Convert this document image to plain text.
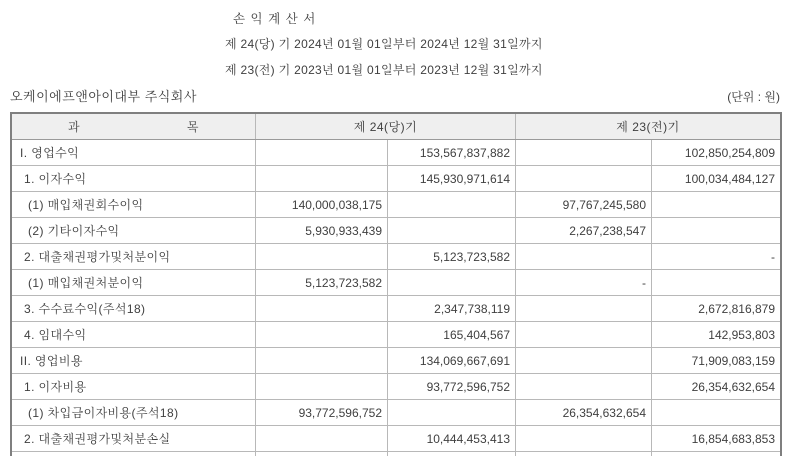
손 익 계 산 서
제 24(당) 기 2024년 01월 01일부터 2024년 12월 31일까지
제 23(전) 기 2023년 01월 01일부터 2023년 12월 31일까지
오케이에프앤아이대부 주식회사	(단위 : 원)
과	목	제 24(당)기	제 23(전)기
I. 영업수익	153,567,837,882	102,850,254,809
1. 이자수익	145,930,971,614	100,034,484,127
(1) 매입채권회수이익	140,000,038,175	97,767,245,580
(2) 기타이자수익	5,930,933,439	2,267,238,547
2. 대출채권평가및처분이익	5,123,723,582	-
(1) 매입채권처분이익	5,123,723,582	-
3. 수수료수익(주석18)	2,347,738,119	2,672,816,879
4. 임대수익	165,404,567	142,953,803
II. 영업비용	134,069,667,691	71,909,083,159
1. 이자비용	93,772,596,752	26,354,632,654
(1) 차입금이자비용(주석18)	93,772,596,752	26,354,632,654
2. 대출채권평가및처분손실	10,444,453,413	16,854,683,853
